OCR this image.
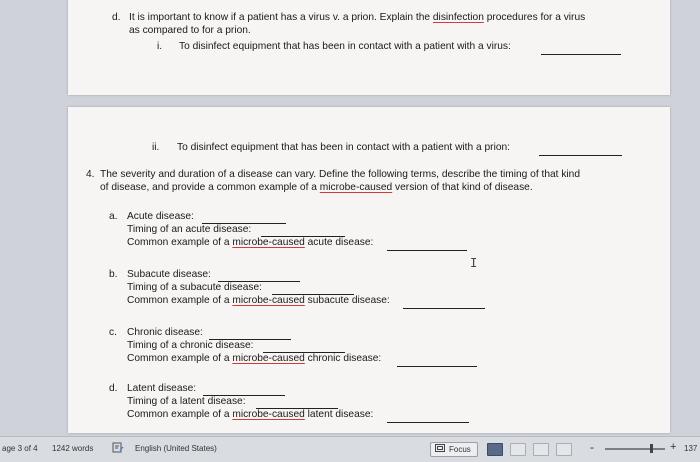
d. It is important to know if a patient has a virus v. a prion. Explain the disinfection procedures for a virus
as compared to for a prion.
i. To disinfect equipment that has been in contact with a patient with a virus:
ii. To disinfect equipment that has been in contact with a patient with a prion:
4. The severity and duration of a disease can vary. Define the following terms, describe the timing of that kind
of disease, and provide a common example of a microbe-caused version of that kind of disease.
a. Acute disease:
Timing of an acute disease:
Common example of a microbe-caused acute disease:
b. Subacute disease:
Timing of a subacute disease:
Common example of a microbe-caused subacute disease:
c. Chronic disease:
Timing of a chronic disease:
Common example of a microbe-caused chronic disease:
d. Latent disease:
Timing of a latent disease:
Common example of a microbe-caused latent disease:
I
age 3 of 4 1242 words	English (United States)	Focus	-	+ 137
